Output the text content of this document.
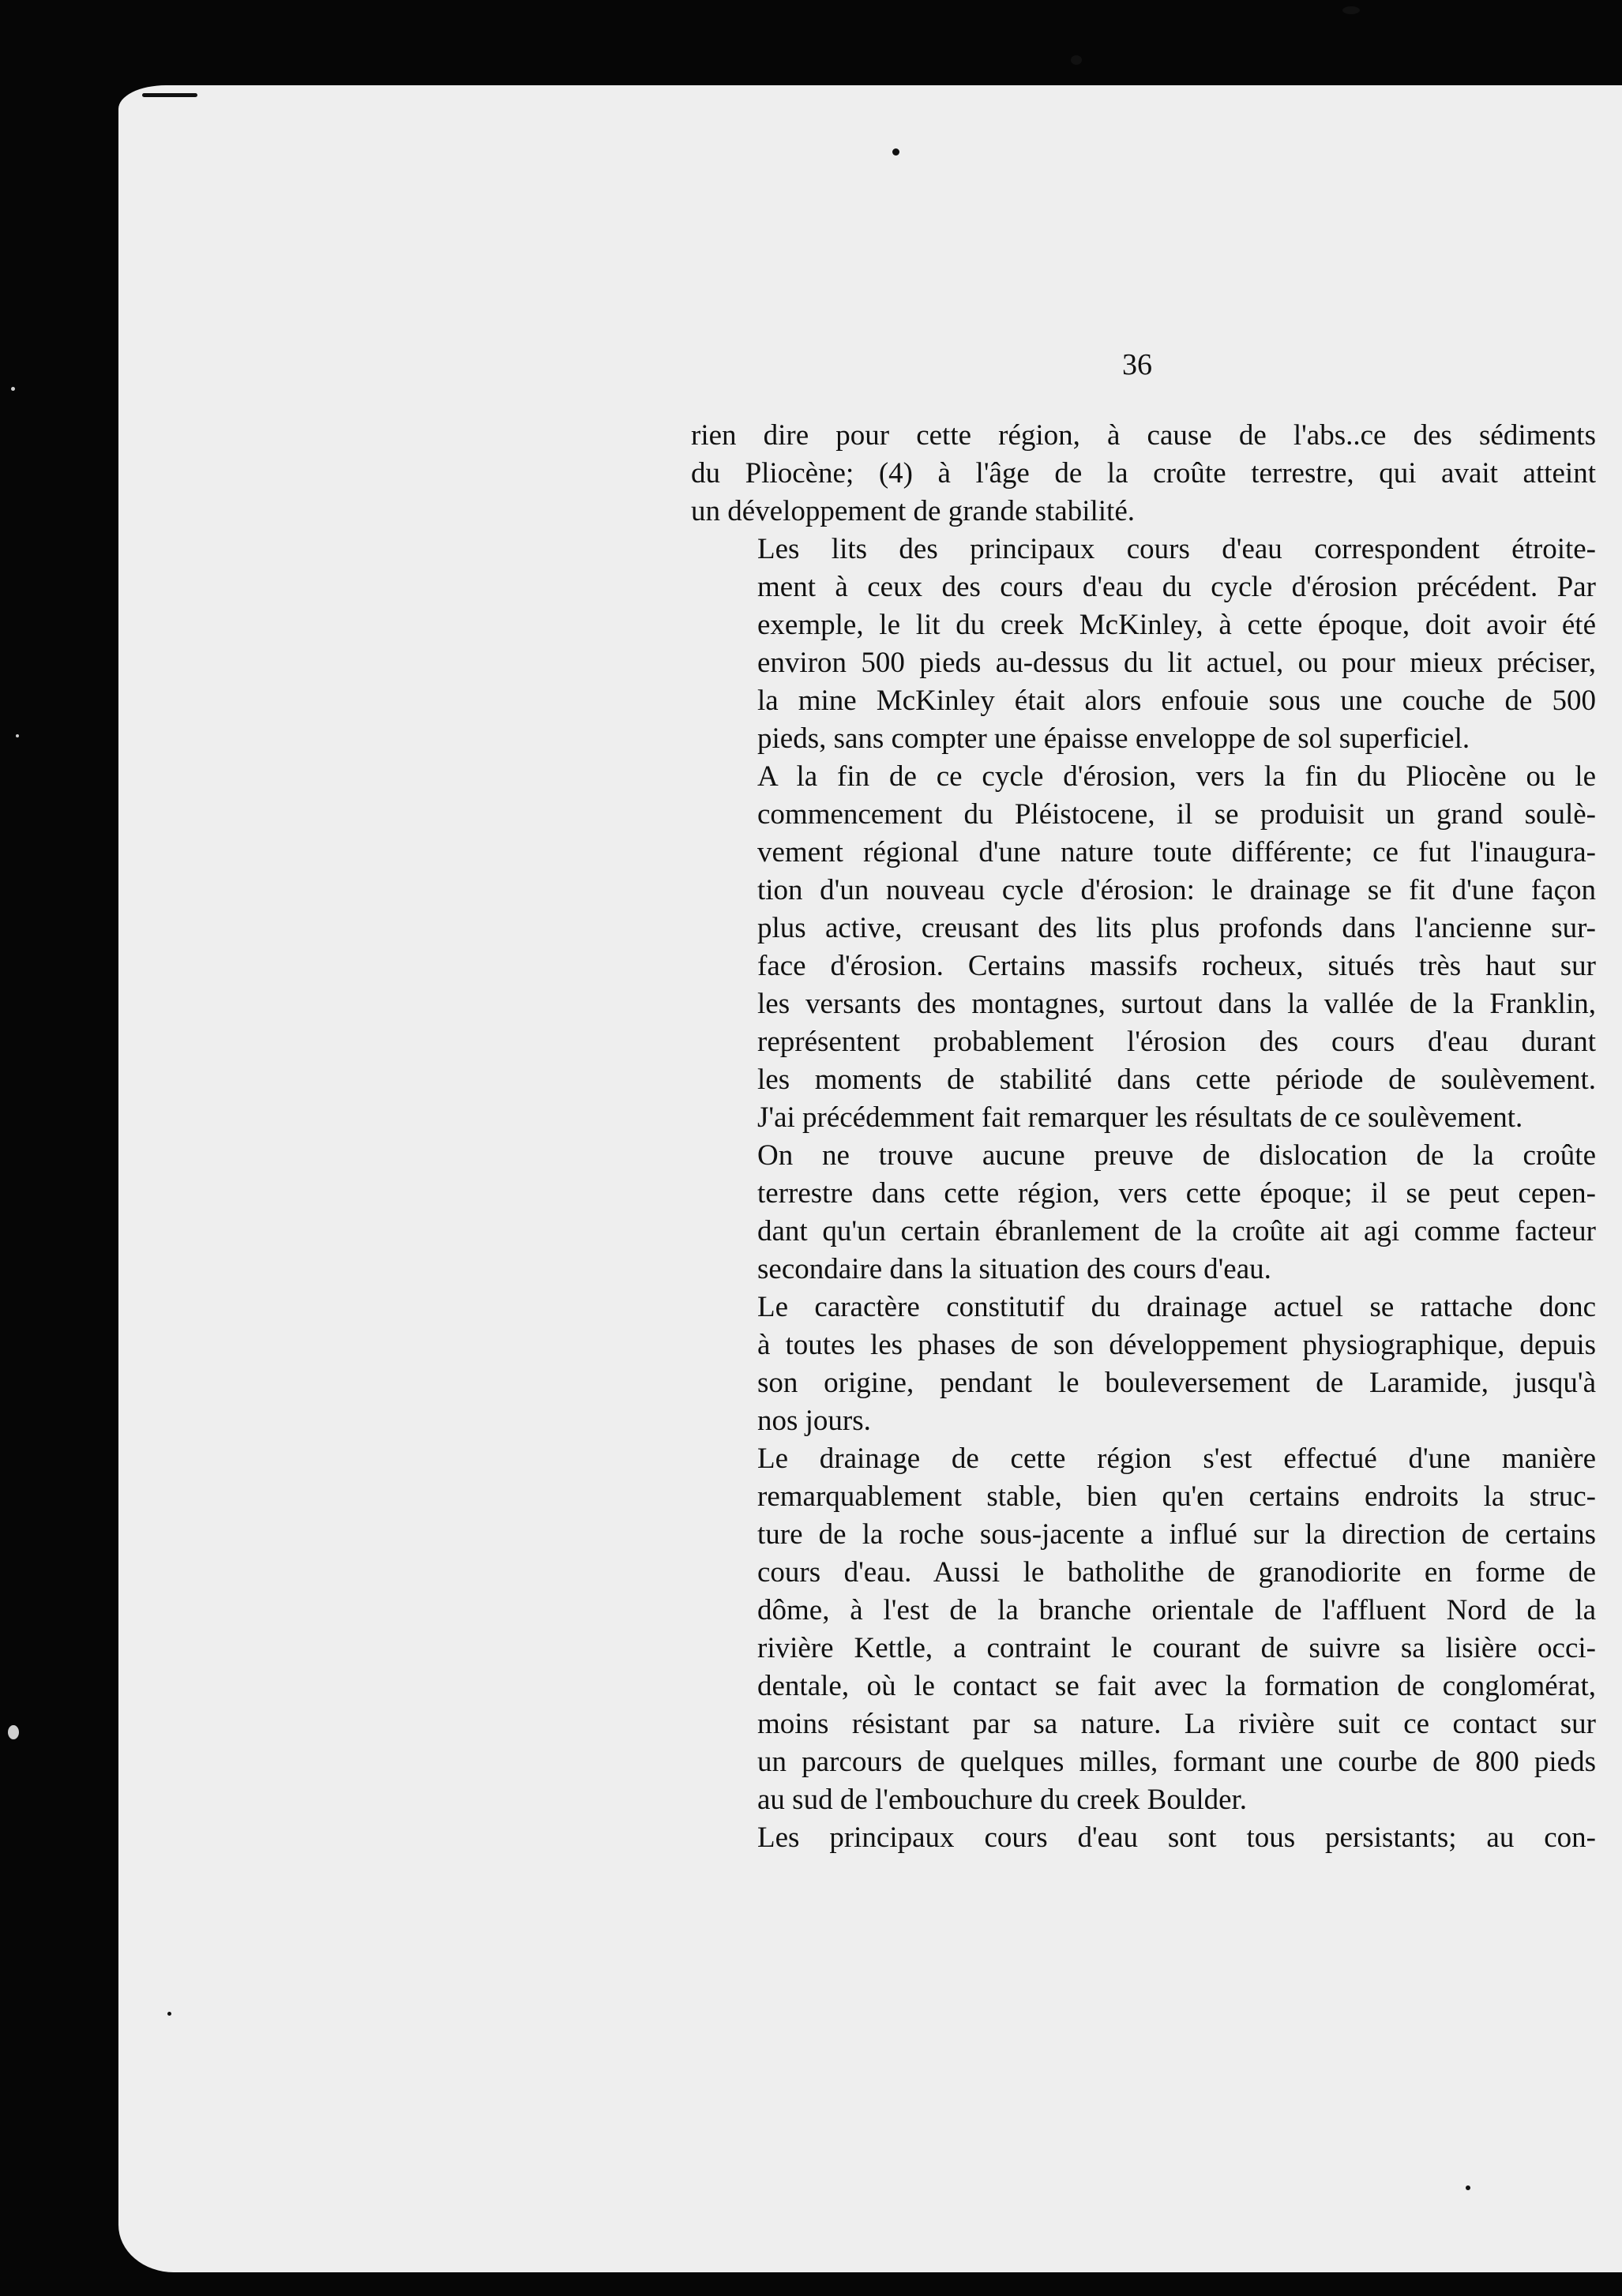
36

rien dire pour cette région, à cause de l'abs..ce des sédiments
du Pliocène; (4) à l'âge de la croûte terrestre, qui avait atteint
un développement de grande stabilité.

Les lits des principaux cours d'eau correspondent étroite-
ment à ceux des cours d'eau du cycle d'érosion précédent. Par
exemple, le lit du creek McKinley, à cette époque, doit avoir été
environ 500 pieds au-dessus du lit actuel, ou pour mieux préciser,
la mine McKinley était alors enfouie sous une couche de 500
pieds, sans compter une épaisse enveloppe de sol superficiel.

A la fin de ce cycle d'érosion, vers la fin du Pliocène ou le
commencement du Pléistocene, il se produisit un grand soulè-
vement régional d'une nature toute différente; ce fut l'inaugura-
tion d'un nouveau cycle d'érosion: le drainage se fit d'une façon
plus active, creusant des lits plus profonds dans l'ancienne sur-
face d'érosion. Certains massifs rocheux, situés très haut sur
les versants des montagnes, surtout dans la vallée de la Franklin,
représentent probablement l'érosion des cours d'eau durant
les moments de stabilité dans cette période de soulèvement.
J'ai précédemment fait remarquer les résultats de ce soulèvement.

On ne trouve aucune preuve de dislocation de la croûte
terrestre dans cette région, vers cette époque; il se peut cepen-
dant qu'un certain ébranlement de la croûte ait agi comme facteur
secondaire dans la situation des cours d'eau.

Le caractère constitutif du drainage actuel se rattache donc
à toutes les phases de son développement physiographique, depuis
son origine, pendant le bouleversement de Laramide, jusqu'à
nos jours.

Le drainage de cette région s'est effectué d'une manière
remarquablement stable, bien qu'en certains endroits la struc-
ture de la roche sous-jacente a influé sur la direction de certains
cours d'eau. Aussi le batholithe de granodiorite en forme de
dôme, à l'est de la branche orientale de l'affluent Nord de la
rivière Kettle, a contraint le courant de suivre sa lisière occi-
dentale, où le contact se fait avec la formation de conglomérat,
moins résistant par sa nature. La rivière suit ce contact sur
un parcours de quelques milles, formant une courbe de 800 pieds
au sud de l'embouchure du creek Boulder.

Les principaux cours d'eau sont tous persistants; au con-
